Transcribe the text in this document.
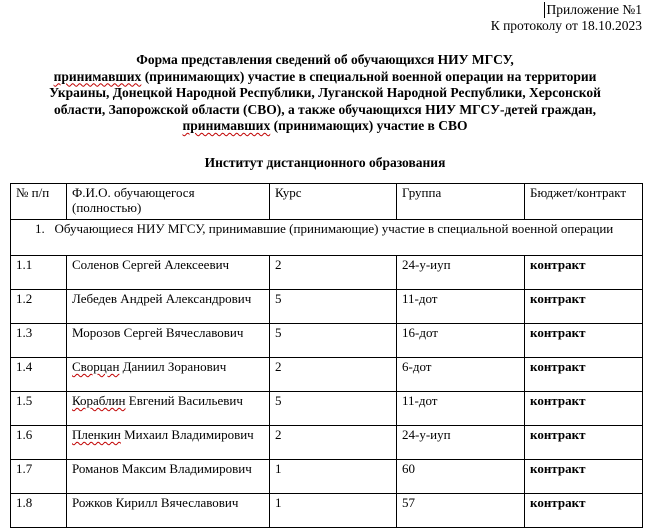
Приложение №1
К протоколу от 18.10.2023
Форма представления сведений об обучающихся НИУ МГСУ,
принимавших (принимающих) участие в специальной военной операции на территории
Украины, Донецкой Народной Республики, Луганской Народной Республики, Херсонской
области, Запорожской области (СВО), а также обучающихся НИУ МГСУ-детей граждан,
принимавших (принимающих) участие в СВО
Институт дистанционного образования
№ п/п	Ф.И.О. обучающегося (полностью)	Курс	Группа	Бюджет/контракт
1.   Обучающиеся НИУ МГСУ, принимавшие (принимающие) участие в специальной военной операции				
1.1	Соленов Сергей Алексеевич	2	24-у-иуп	контракт
1.2	Лебедев Андрей Александрович	5	11-дот	контракт
1.3	Морозов Сергей Вячеславович	5	16-дот	контракт
1.4	Сворцан Даниил Зоранович	2	6-дот	контракт
1.5	Кораблин Евгений Васильевич	5	11-дот	контракт
1.6	Пленкин Михаил Владимирович	2	24-у-иуп	контракт
1.7	Романов Максим Владимирович	1	60	контракт
1.8	Рожков Кирилл Вячеславович	1	57	контракт
